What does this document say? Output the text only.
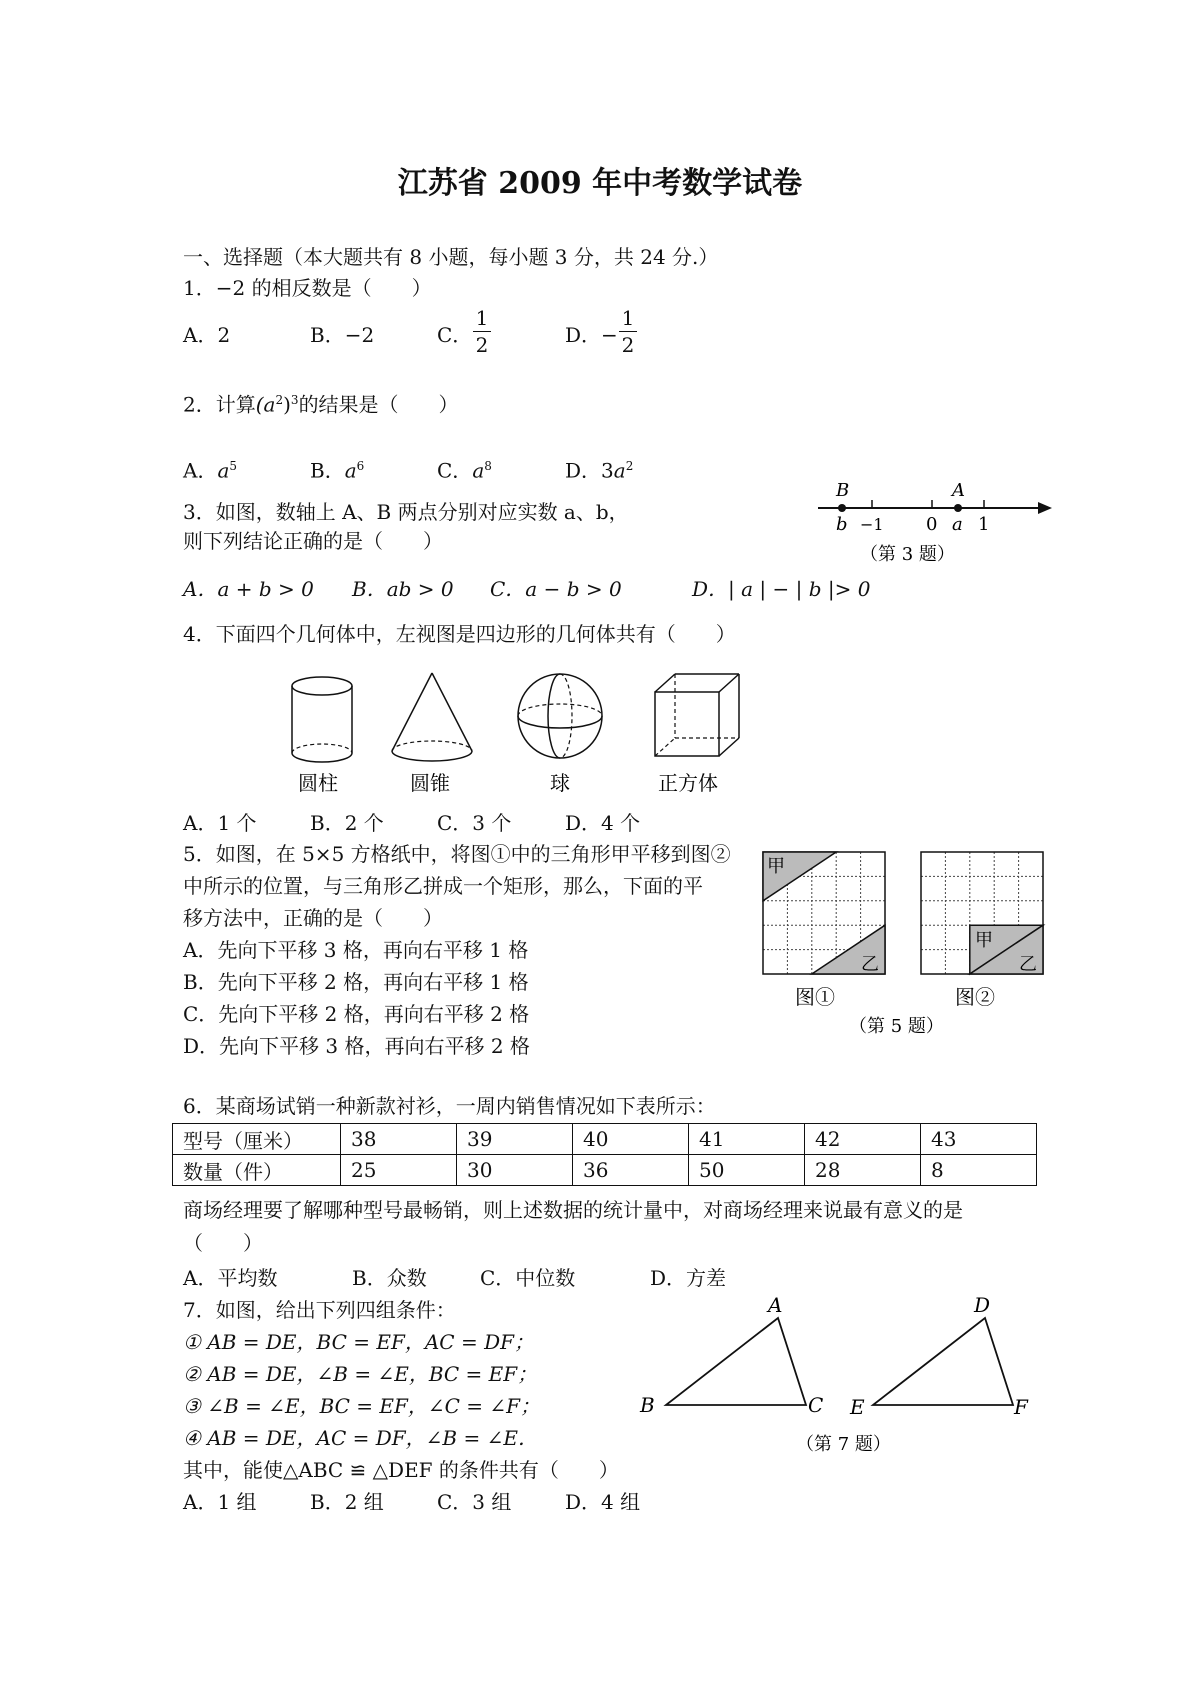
江苏省 2009 年中考数学试卷
一、选择题（本大题共有 8 小题，每小题 3 分，共 24 分.）
1．−2 的相反数是（　　）
A．2	B．−2	C．
1
2	D．−
1
2
2．计算$(a^2)^3$的结果是（　　）
A．$a^5$	B．$a^6$	C．$a^8$	D．$3a^2$
3．如图，数轴上 A、B 两点分别对应实数 a、b，
则下列结论正确的是（　　）
A．a + b > 0 B．ab > 0 C．a − b > 0	D．| a | − | b |> 0
B	A
b −1 0 a 1
（第 3 题）
4．下面四个几何体中，左视图是四边形的几何体共有（　　）
圆柱	圆锥	球	正方体
A．1 个	B．2 个	C．3 个	D．4 个
5．如图，在 5×5 方格纸中，将图①中的三角形甲平移到图②
中所示的位置，与三角形乙拼成一个矩形，那么，下面的平
移方法中，正确的是（　　）
A．先向下平移 3 格，再向右平移 1 格
B．先向下平移 2 格，再向右平移 1 格
C．先向下平移 2 格，再向右平移 2 格
D．先向下平移 3 格，再向右平移 2 格
甲
乙
甲
乙
图①	图②
（第 5 题）
6．某商场试销一种新款衬衫，一周内销售情况如下表所示：
型号（厘米）	38	39	40	41	42	43
数量（件）	25	30	36	50	28	8
商场经理要了解哪种型号最畅销，则上述数据的统计量中，对商场经理来说最有意义的是
（　　）
A．平均数	B．众数	C．中位数	D．方差
7．如图，给出下列四组条件：
① AB = DE，BC = EF，AC = DF；
② AB = DE，∠B = ∠E，BC = EF；
③ ∠B = ∠E，BC = EF，∠C = ∠F；
④ AB = DE，AC = DF，∠B = ∠E．
其中，能使△ABC ≌ △DEF 的条件共有（　　）
A．1 组	B．2 组	C．3 组	D．4 组
A
B	C
D
E	F
（第 7 题）
